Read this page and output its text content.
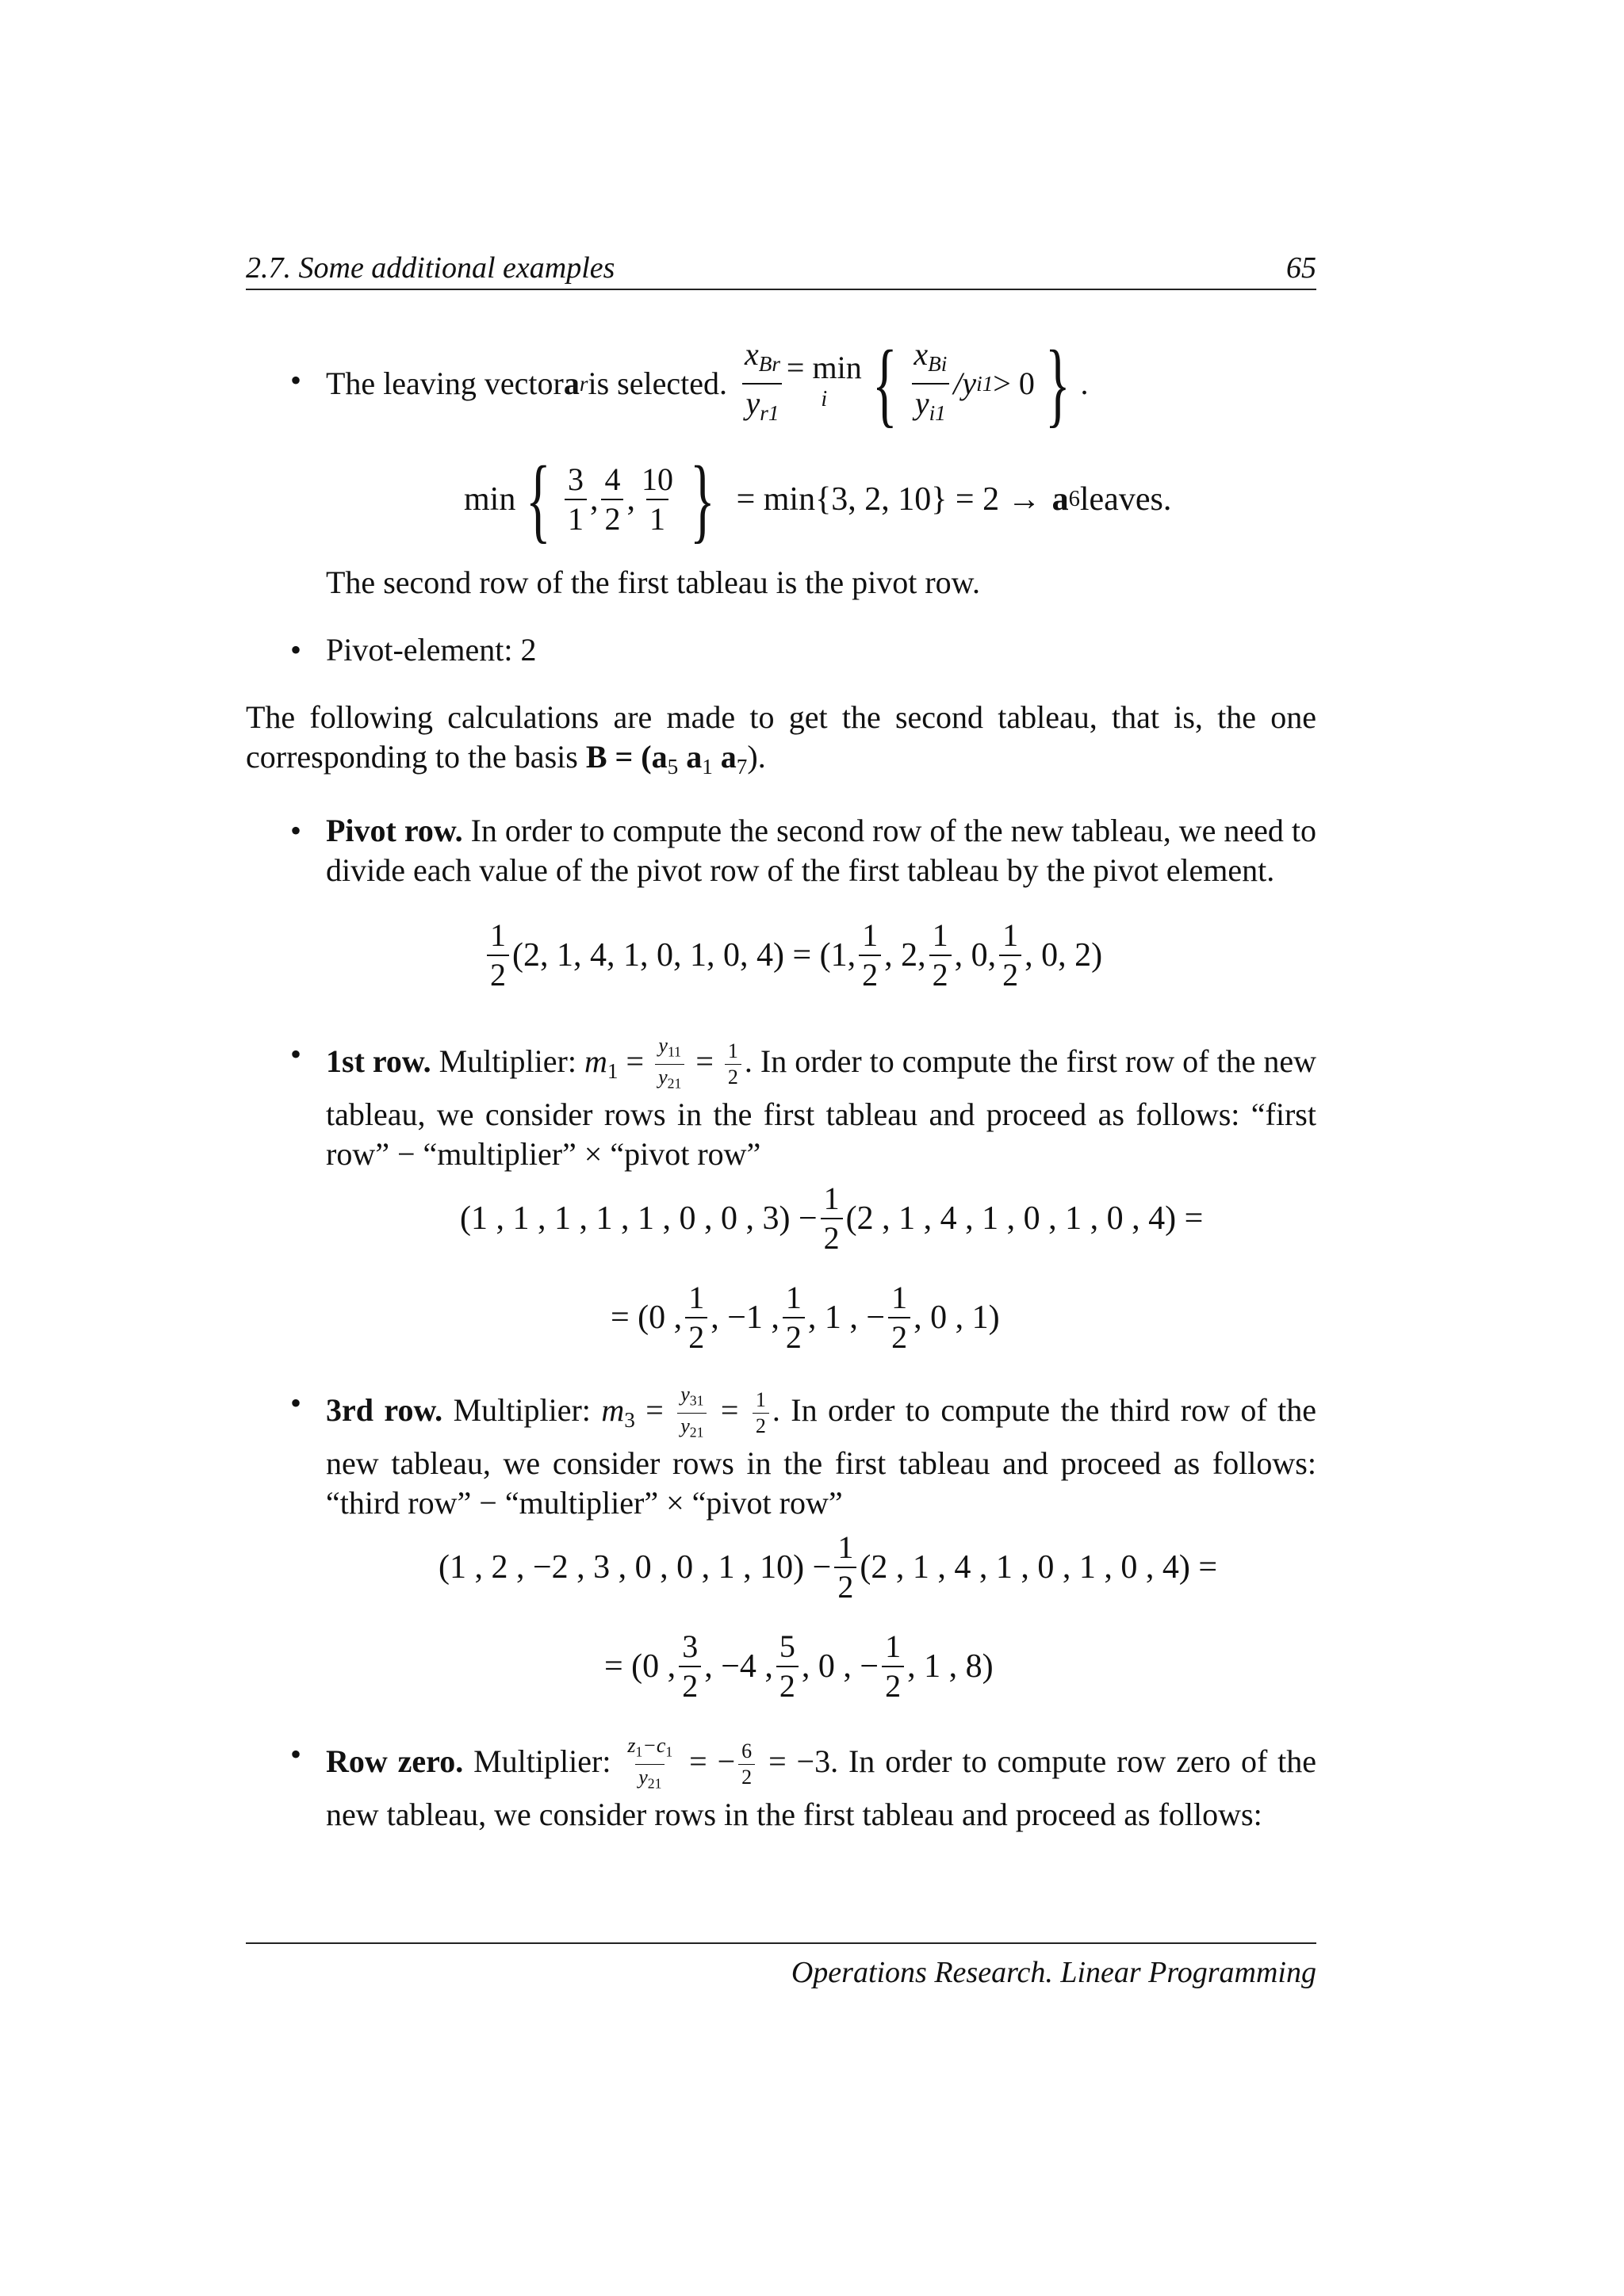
2.7. Some additional examples	65
• The leaving vector a r is selected. $\frac{x_{Br}}{y_{r1}} = \min$
i { $\frac{x_{Bi}}{y_{i1}} /y$ i1 > 0 } .
min { $\frac{3}{1}$ , $\frac{4}{2}$ , $\frac{10}{1}$ } = min{3, 2, 10} = 2 → a 6 leaves.
The second row of the first tableau is the pivot row.
• Pivot-element: 2
The following calculations are made to get the second tableau, that is, the one corresponding to the basis $B = (a_5$ $a_1$ $a_7$).
• Pivot row. In order to compute the second row of the new tableau, we need to divide each value of the pivot row of the first tableau by the pivot element.
$\frac{1}{2} (2$, 1, 4, 1, 0, 1, 0, 4) = (1, $\frac{1}{2}$ , 2, $\frac{1}{2}$ , 0, $\frac{1}{2}$ , 0, 2)
• 1st row. Multiplier: $m_1 = \frac{y_{11}}{y_{21}} = \frac{1}{2}$ . In order to compute the first row of the new tableau, we consider rows in the first tableau and proceed as follows: “first row” − “multiplier” × “pivot row”
(1 , 1 , 1 , 1 , 1 , 0 , 0 , $3) - \frac{1}{2} (2$ , 1 , 4 , 1 , 0 , 1 , 0 , 4) =
= (0 , $\frac{1}{2}$ , −1 , $\frac{1}{2}$ , 1 , − $\frac{1}{2}$ , 0 , 1)
• 3rd row. Multiplier: $m_3 = \frac{y_{31}}{y_{21}} = \frac{1}{2}$ . In order to compute the third row of the new tableau, we consider rows in the first tableau and proceed as follows: “third row” − “multiplier” × “pivot row”
(1 , 2 , −2 , 3 , 0 , 0 , 1 , $10) - \frac{1}{2} (2$ , 1 , 4 , 1 , 0 , 1 , 0 , 4) =
= (0 , $\frac{3}{2}$ , −4 , $\frac{5}{2}$ , 0 , − $\frac{1}{2}$ , 1 , 8)
• Row zero. Multiplier: $\frac{z_1-c_1}{y_{21}}$ = − $\frac{6}{2} = -3$. In order to compute row zero of the new tableau, we consider rows in the first tableau and proceed as follows:
Operations Research. Linear Programming
